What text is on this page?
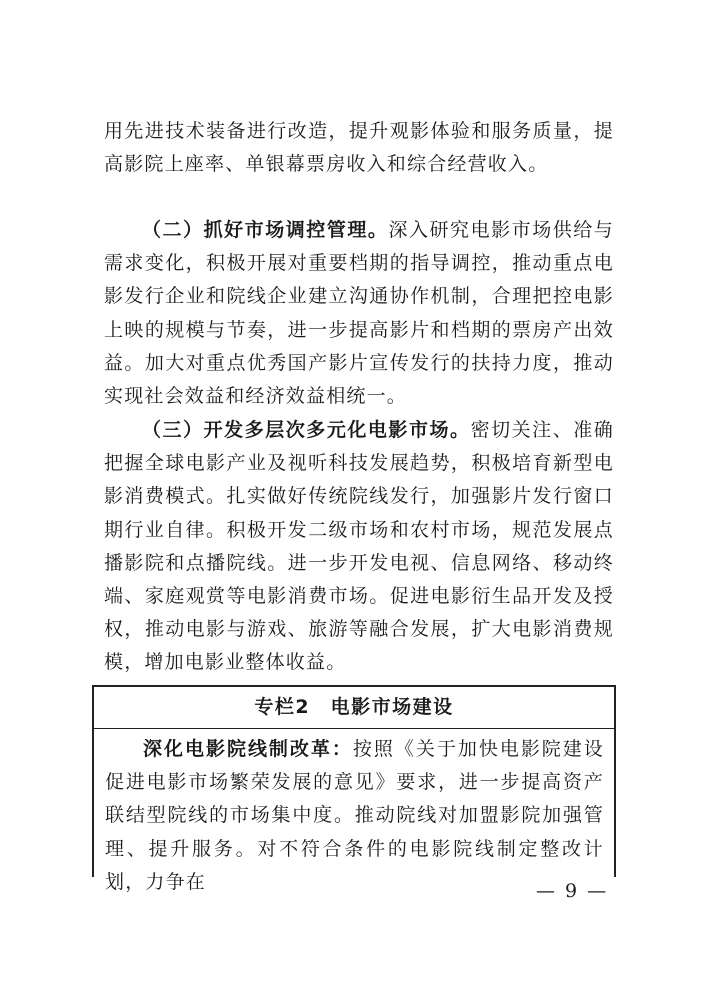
用先进技术装备进行改造，提升观影体验和服务质量，提高影院上座率、单银幕票房收入和综合经营收入。

（二）抓好市场调控管理。深入研究电影市场供给与需求变化，积极开展对重要档期的指导调控，推动重点电影发行企业和院线企业建立沟通协作机制，合理把控电影上映的规模与节奏，进一步提高影片和档期的票房产出效益。加大对重点优秀国产影片宣传发行的扶持力度，推动实现社会效益和经济效益相统一。

（三）开发多层次多元化电影市场。密切关注、准确把握全球电影产业及视听科技发展趋势，积极培育新型电影消费模式。扎实做好传统院线发行，加强影片发行窗口期行业自律。积极开发二级市场和农村市场，规范发展点播影院和点播院线。进一步开发电视、信息网络、移动终端、家庭观赏等电影消费市场。促进电影衍生品开发及授权，推动电影与游戏、旅游等融合发展，扩大电影消费规模，增加电影业整体收益。

专栏2　电影市场建设
深化电影院线制改革：按照《关于加快电影院建设促进电影市场繁荣发展的意见》要求，进一步提高资产联结型院线的市场集中度。推动院线对加盟影院加强管理、提升服务。对不符合条件的电影院线制定整改计划，力争在	— 9 —
